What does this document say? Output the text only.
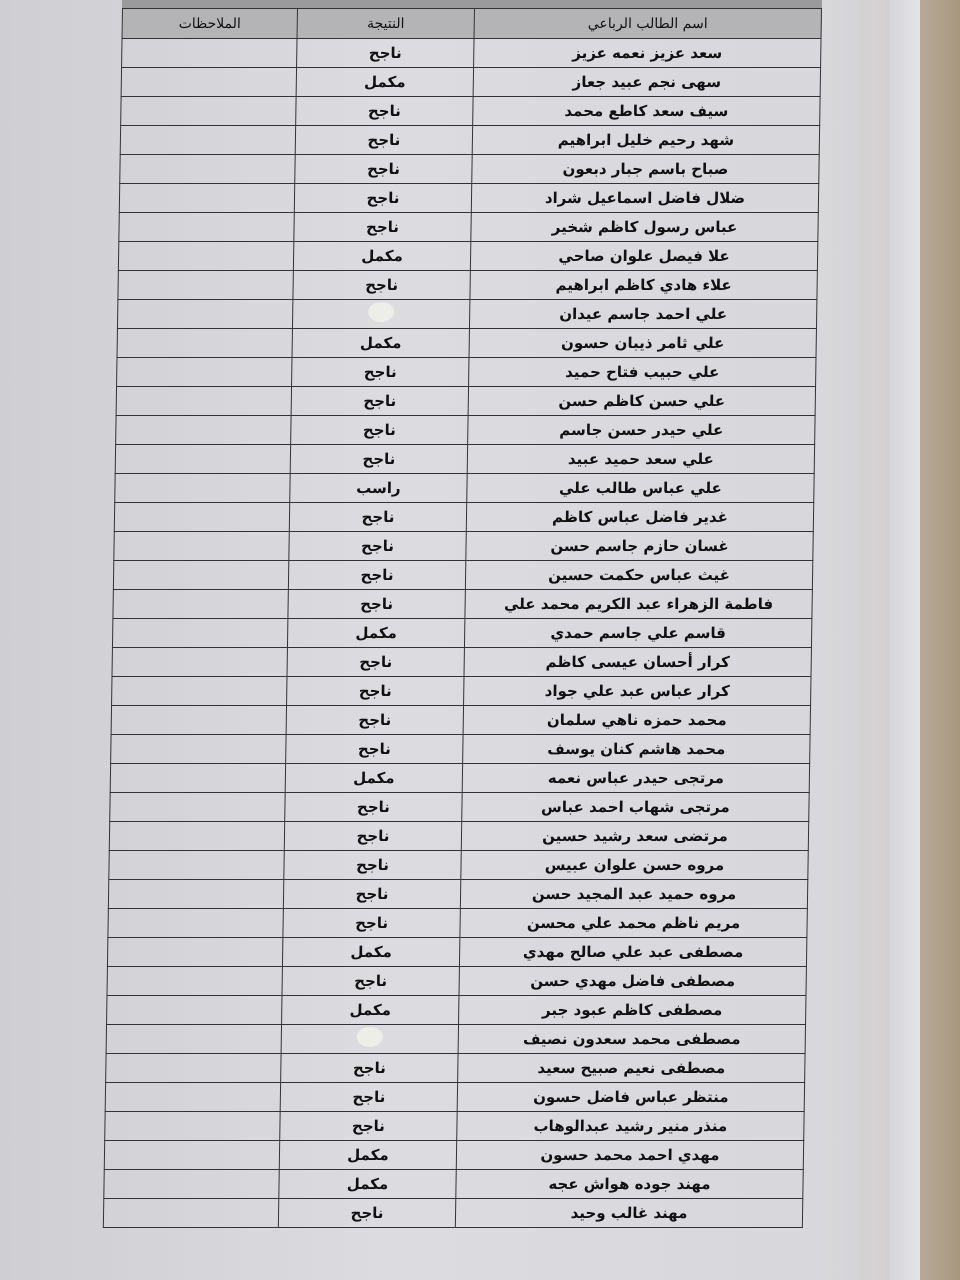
اسم الطالب الرباعي	النتيجة	الملاحظات
سعد عزيز نعمه عزيز	ناجح	
سهى نجم عبيد جعاز	مكمل	
سيف سعد كاطع محمد	ناجح	
شهد رحيم خليل ابراهيم	ناجح	
صباح باسم جبار دبعون	ناجح	
ضلال فاضل اسماعيل شراد	ناجح	
عباس رسول كاظم شخير	ناجح	
علا فيصل علوان صاحي	مكمل	
علاء هادي كاظم ابراهيم	ناجح	
علي احمد جاسم عيدان		
علي ثامر ذيبان حسون	مكمل	
علي حبيب فتاح حميد	ناجح	
علي حسن كاظم حسن	ناجح	
علي حيدر حسن جاسم	ناجح	
علي سعد حميد عبيد	ناجح	
علي عباس طالب علي	راسب	
غدير فاضل عباس كاظم	ناجح	
غسان حازم جاسم حسن	ناجح	
غيث عباس حكمت حسين	ناجح	
فاطمة الزهراء عبد الكريم محمد علي	ناجح	
قاسم علي جاسم حمدي	مكمل	
كرار أحسان عيسى كاظم	ناجح	
كرار عباس عبد علي جواد	ناجح	
محمد حمزه ناهي سلمان	ناجح	
محمد هاشم كنان يوسف	ناجح	
مرتجى حيدر عباس نعمه	مكمل	
مرتجى شهاب احمد عباس	ناجح	
مرتضى سعد رشيد حسين	ناجح	
مروه حسن علوان عبيس	ناجح	
مروه حميد عبد المجيد حسن	ناجح	
مريم ناظم محمد علي محسن	ناجح	
مصطفى عبد علي صالح مهدي	مكمل	
مصطفى فاضل مهدي حسن	ناجح	
مصطفى كاظم عبود جبر	مكمل	
مصطفى محمد سعدون نصيف		
مصطفى نعيم صبيح سعيد	ناجح	
منتظر عباس فاضل حسون	ناجح	
منذر منير رشيد عبدالوهاب	ناجح	
مهدي احمد محمد حسون	مكمل	
مهند جوده هواش عجه	مكمل	
مهند غالب وحيد	ناجح	
